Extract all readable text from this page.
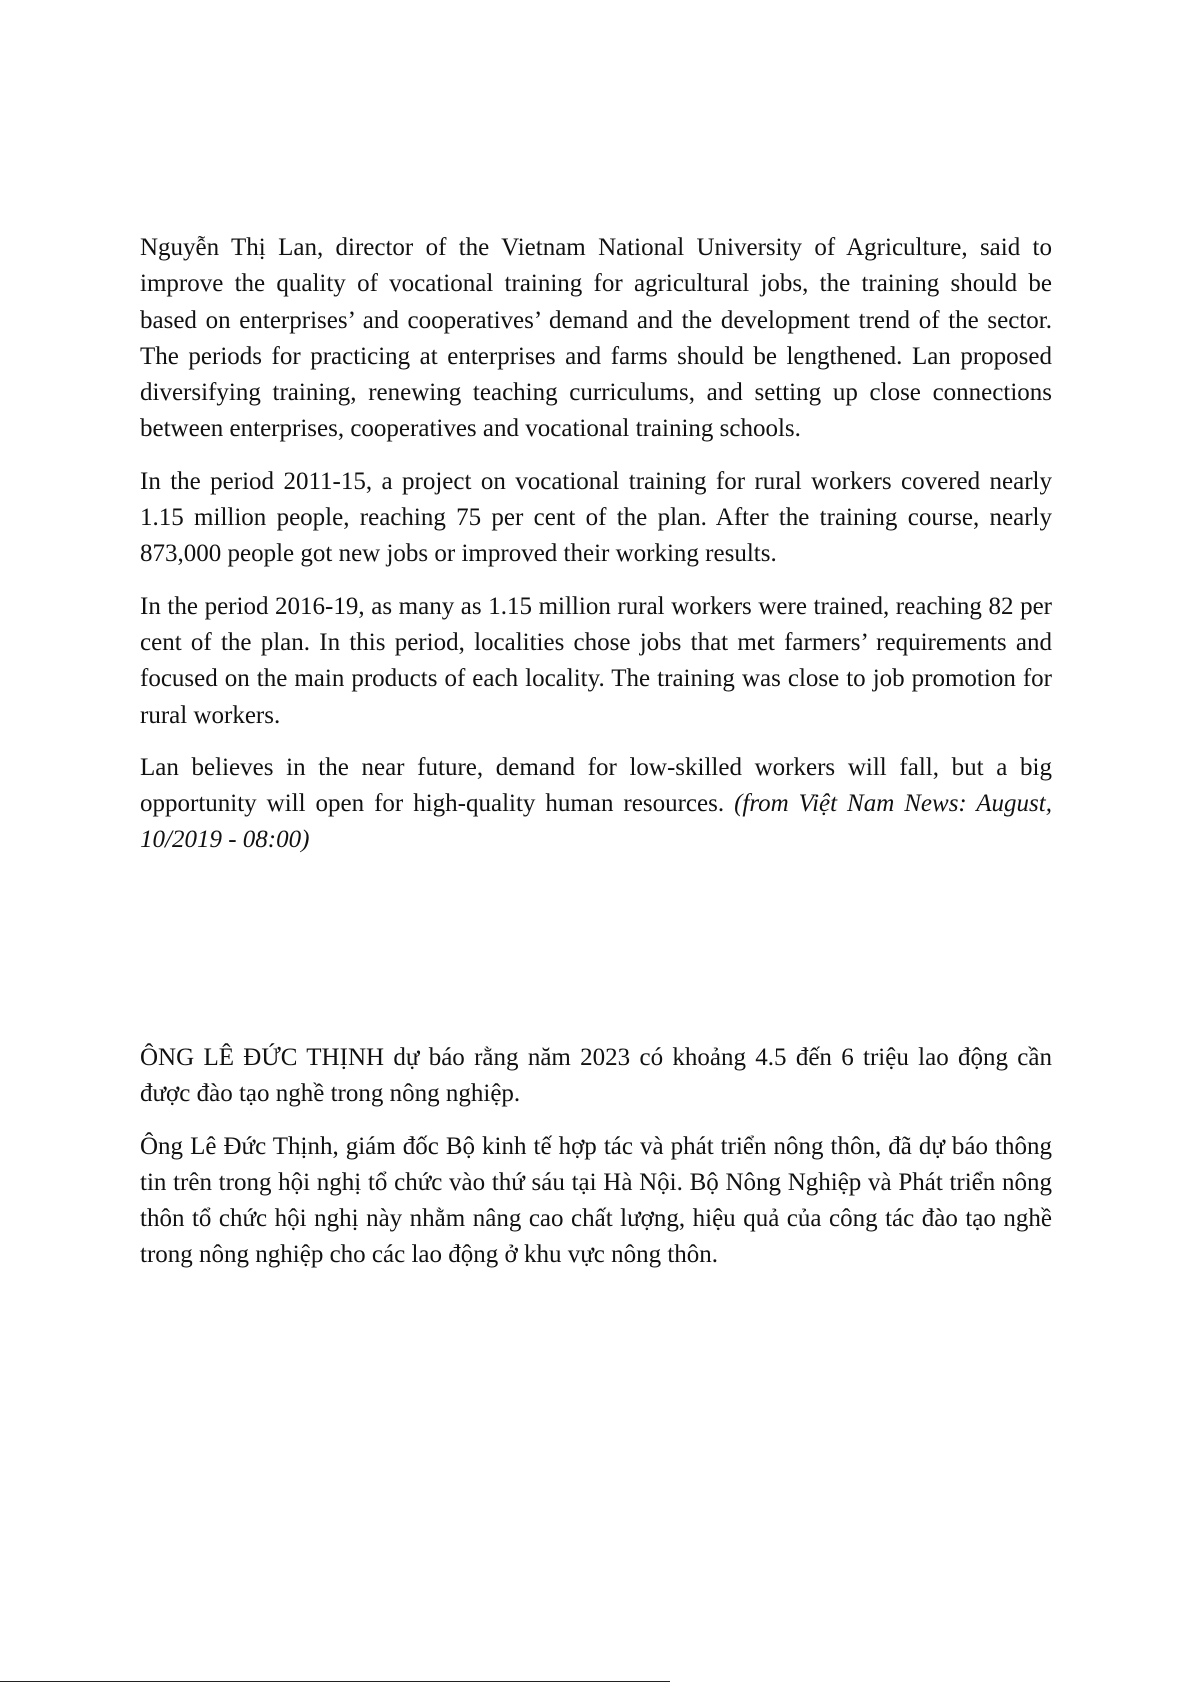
Nguyễn Thị Lan, director of the Vietnam National University of Agriculture, said to improve the quality of vocational training for agricultural jobs, the training should be based on enterprises’ and cooperatives’ demand and the development trend of the sector. The periods for practicing at enterprises and farms should be lengthened. Lan proposed diversifying training, renewing teaching curriculums, and setting up close connections between enterprises, cooperatives and vocational training schools.

In the period 2011-15, a project on vocational training for rural workers covered nearly 1.15 million people, reaching 75 per cent of the plan. After the training course, nearly 873,000 people got new jobs or improved their working results.

In the period 2016-19, as many as 1.15 million rural workers were trained, reaching 82 per cent of the plan. In this period, localities chose jobs that met farmers’ requirements and focused on the main products of each locality. The training was close to job promotion for rural workers.

Lan believes in the near future, demand for low-skilled workers will fall, but a big opportunity will open for high-quality human resources. (from Việt Nam News: August, 10/2019 - 08:00)

ÔNG LÊ ĐỨC THỊNH dự báo rằng năm 2023 có khoảng 4.5 đến 6 triệu lao động cần được đào tạo nghề trong nông nghiệp.

Ông Lê Đức Thịnh, giám đốc Bộ kinh tế hợp tác và phát triển nông thôn, đã dự báo thông tin trên trong hội nghị tổ chức vào thứ sáu tại Hà Nội. Bộ Nông Nghiệp và Phát triển nông thôn tổ chức hội nghị này nhằm nâng cao chất lượng, hiệu quả của công tác đào tạo nghề trong nông nghiệp cho các lao động ở khu vực nông thôn.
